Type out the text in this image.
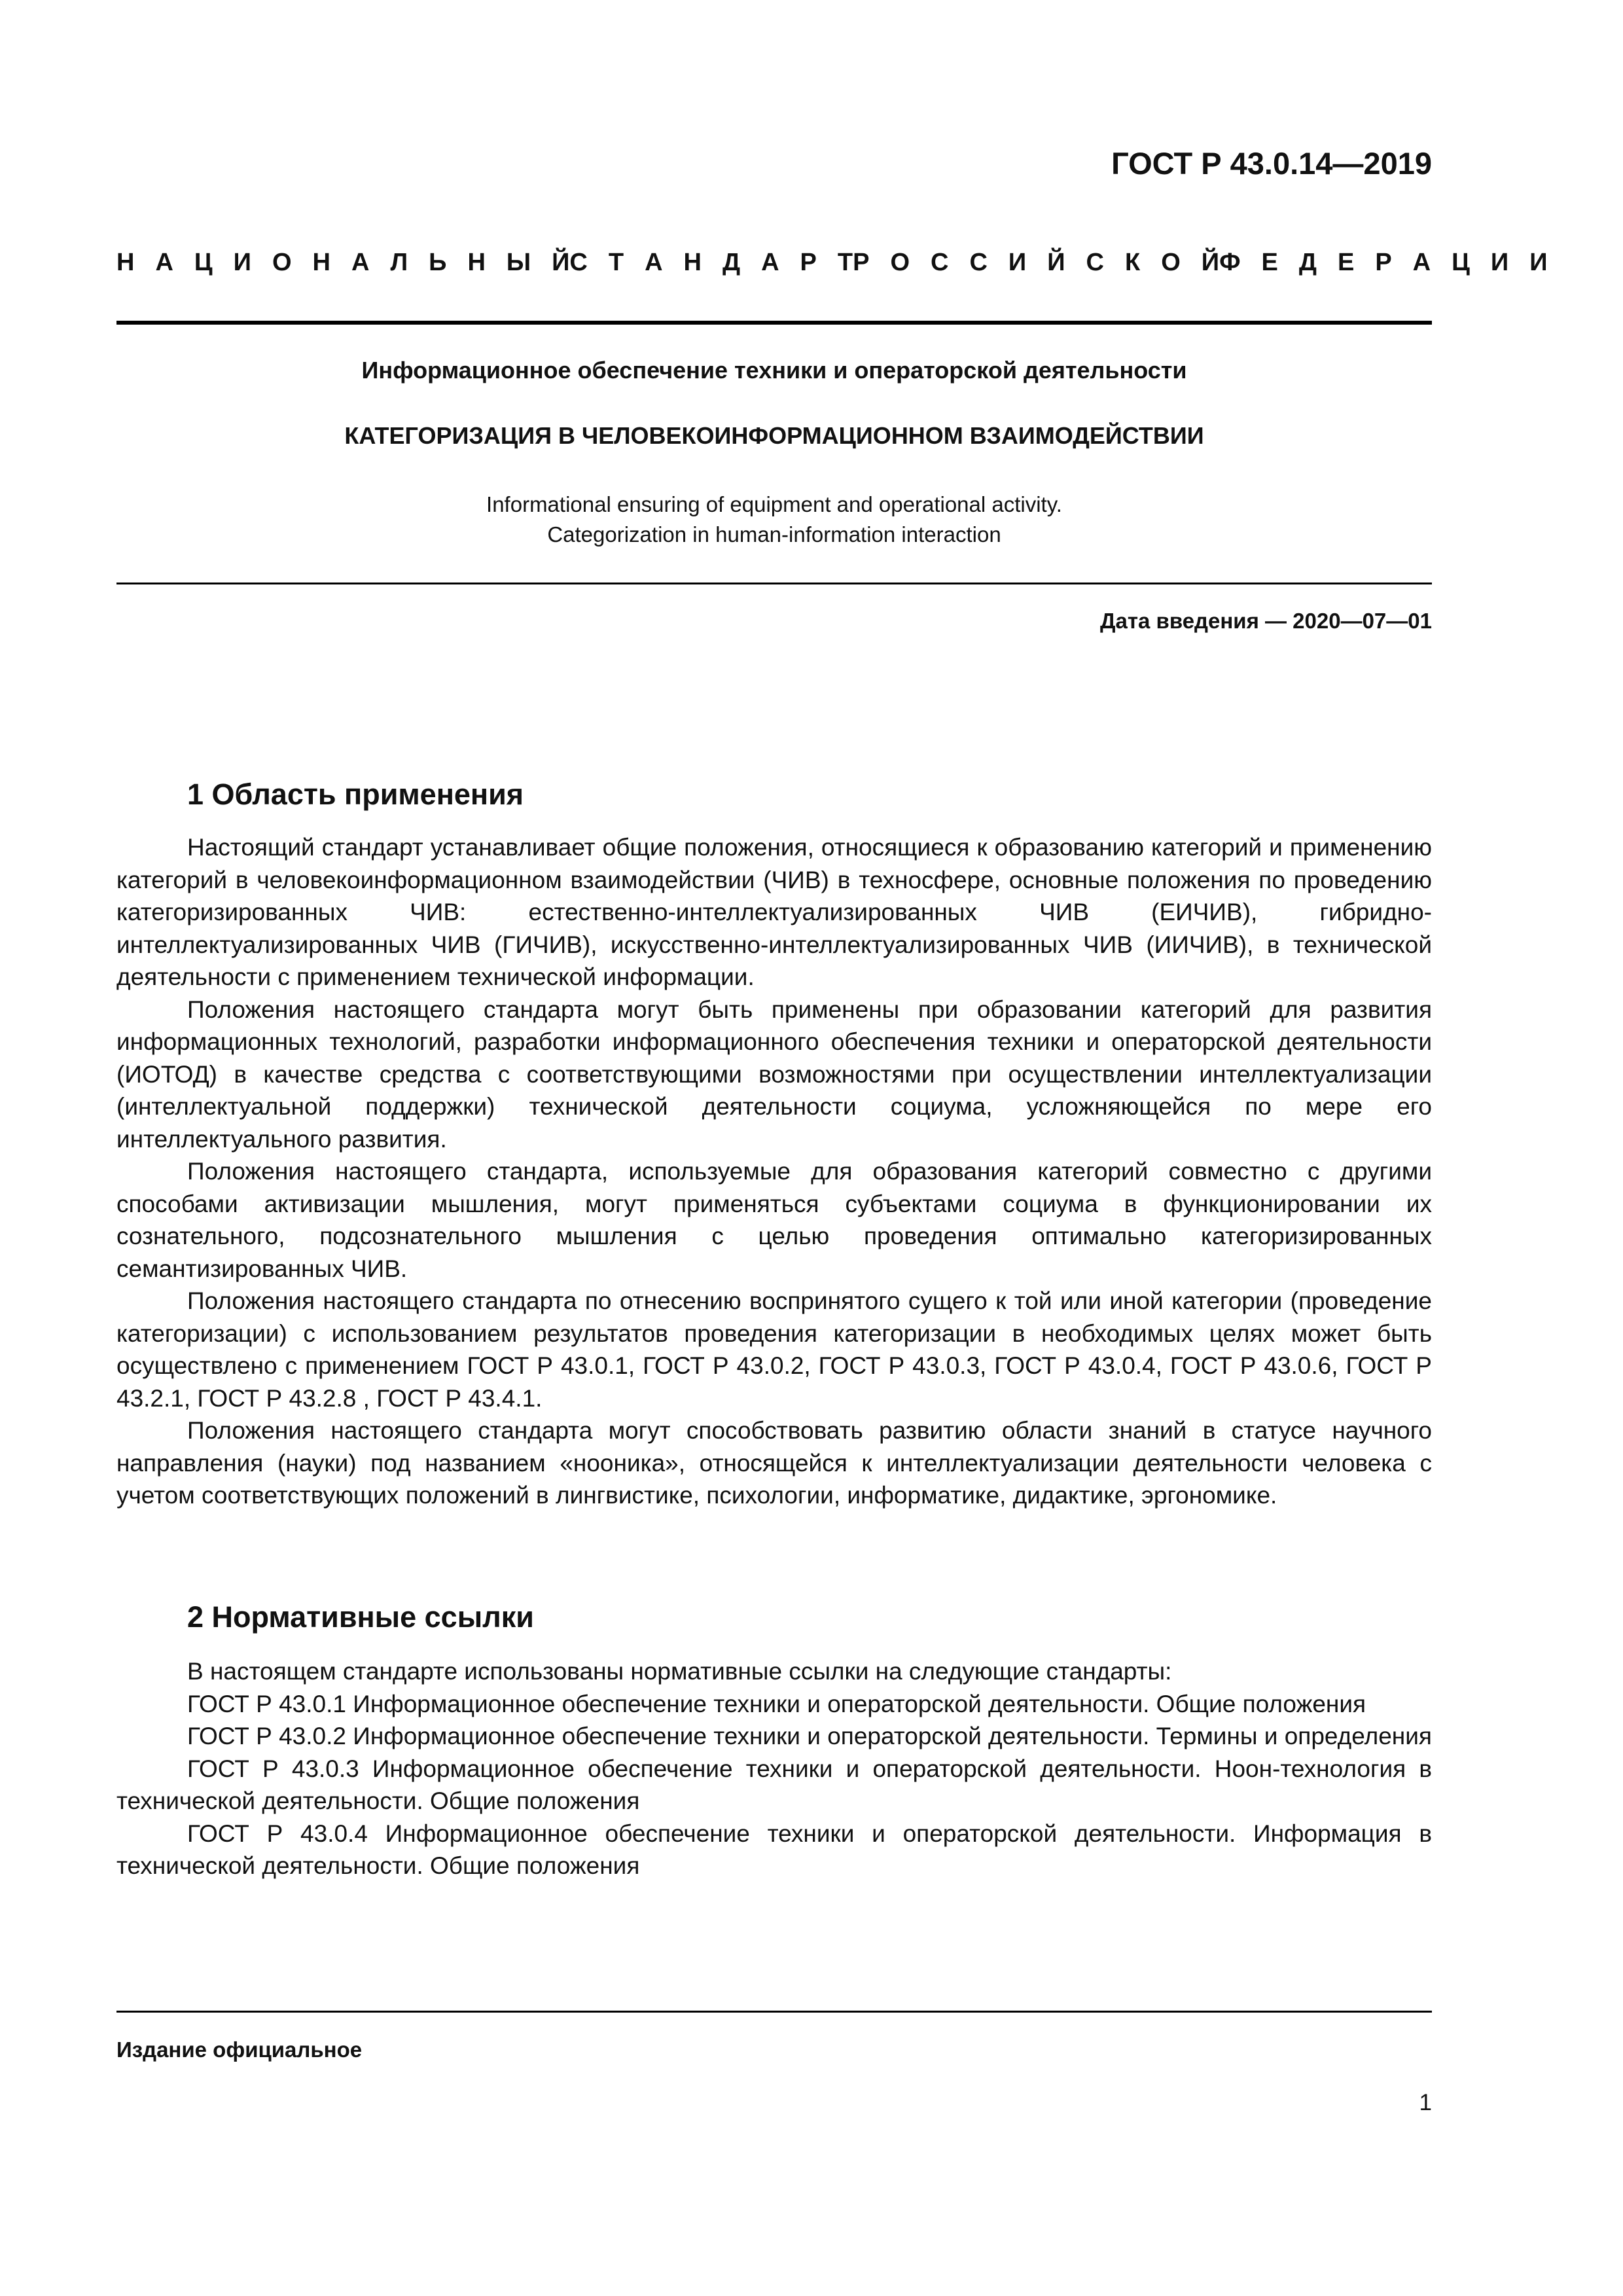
ГОСТ Р 43.0.14—2019
Н А Ц И О Н А Л Ь Н Ы Й С Т А Н Д А Р Т Р О С С И Й С К О Й Ф Е Д Е Р А Ц И И
Информационное обеспечение техники и операторской деятельности
КАТЕГОРИЗАЦИЯ В ЧЕЛОВЕКОИНФОРМАЦИОННОМ ВЗАИМОДЕЙСТВИИ
Informational ensuring of equipment and operational activity.
Categorization in human-information interaction
Дата введения — 2020—07—01
1 Область применения

Настоящий стандарт устанавливает общие положения, относящиеся к образованию категорий и применению категорий в человекоинформационном взаимодействии (ЧИВ) в техносфере, основные положения по проведению категоризированных ЧИВ: естественно-интеллектуализированных ЧИВ (ЕИЧИВ), гибридно-интеллектуализированных ЧИВ (ГИЧИВ), искусственно-интеллектуализированных ЧИВ (ИИЧИВ), в технической деятельности с применением технической информации.

Положения настоящего стандарта могут быть применены при образовании категорий для развития информационных технологий, разработки информационного обеспечения техники и операторской деятельности (ИОТОД) в качестве средства с соответствующими возможностями при осуществлении интеллектуализации (интеллектуальной поддержки) технической деятельности социума, усложняющейся по мере его интеллектуального развития.

Положения настоящего стандарта, используемые для образования категорий совместно с другими способами активизации мышления, могут применяться субъектами социума в функционировании их сознательного, подсознательного мышления с целью проведения оптимально категоризированных семантизированных ЧИВ.

Положения настоящего стандарта по отнесению воспринятого сущего к той или иной категории (проведение категоризации) с использованием результатов проведения категоризации в необходимых целях может быть осуществлено с применением ГОСТ Р 43.0.1, ГОСТ Р 43.0.2, ГОСТ Р 43.0.3, ГОСТ Р 43.0.4, ГОСТ Р 43.0.6, ГОСТ Р 43.2.1, ГОСТ Р 43.2.8 , ГОСТ Р 43.4.1.

Положения настоящего стандарта могут способствовать развитию области знаний в статусе научного направления (науки) под названием «нооника», относящейся к интеллектуализации деятельности человека с учетом соответствующих положений в лингвистике, психологии, информатике, дидактике, эргономике.

2 Нормативные ссылки

В настоящем стандарте использованы нормативные ссылки на следующие стандарты:

ГОСТ Р 43.0.1 Информационное обеспечение техники и операторской деятельности. Общие положения

ГОСТ Р 43.0.2 Информационное обеспечение техники и операторской деятельности. Термины и определения

ГОСТ Р 43.0.3 Информационное обеспечение техники и операторской деятельности. Ноон-технология в технической деятельности. Общие положения

ГОСТ Р 43.0.4 Информационное обеспечение техники и операторской деятельности. Информация в технической деятельности. Общие положения

Издание официальное
1
